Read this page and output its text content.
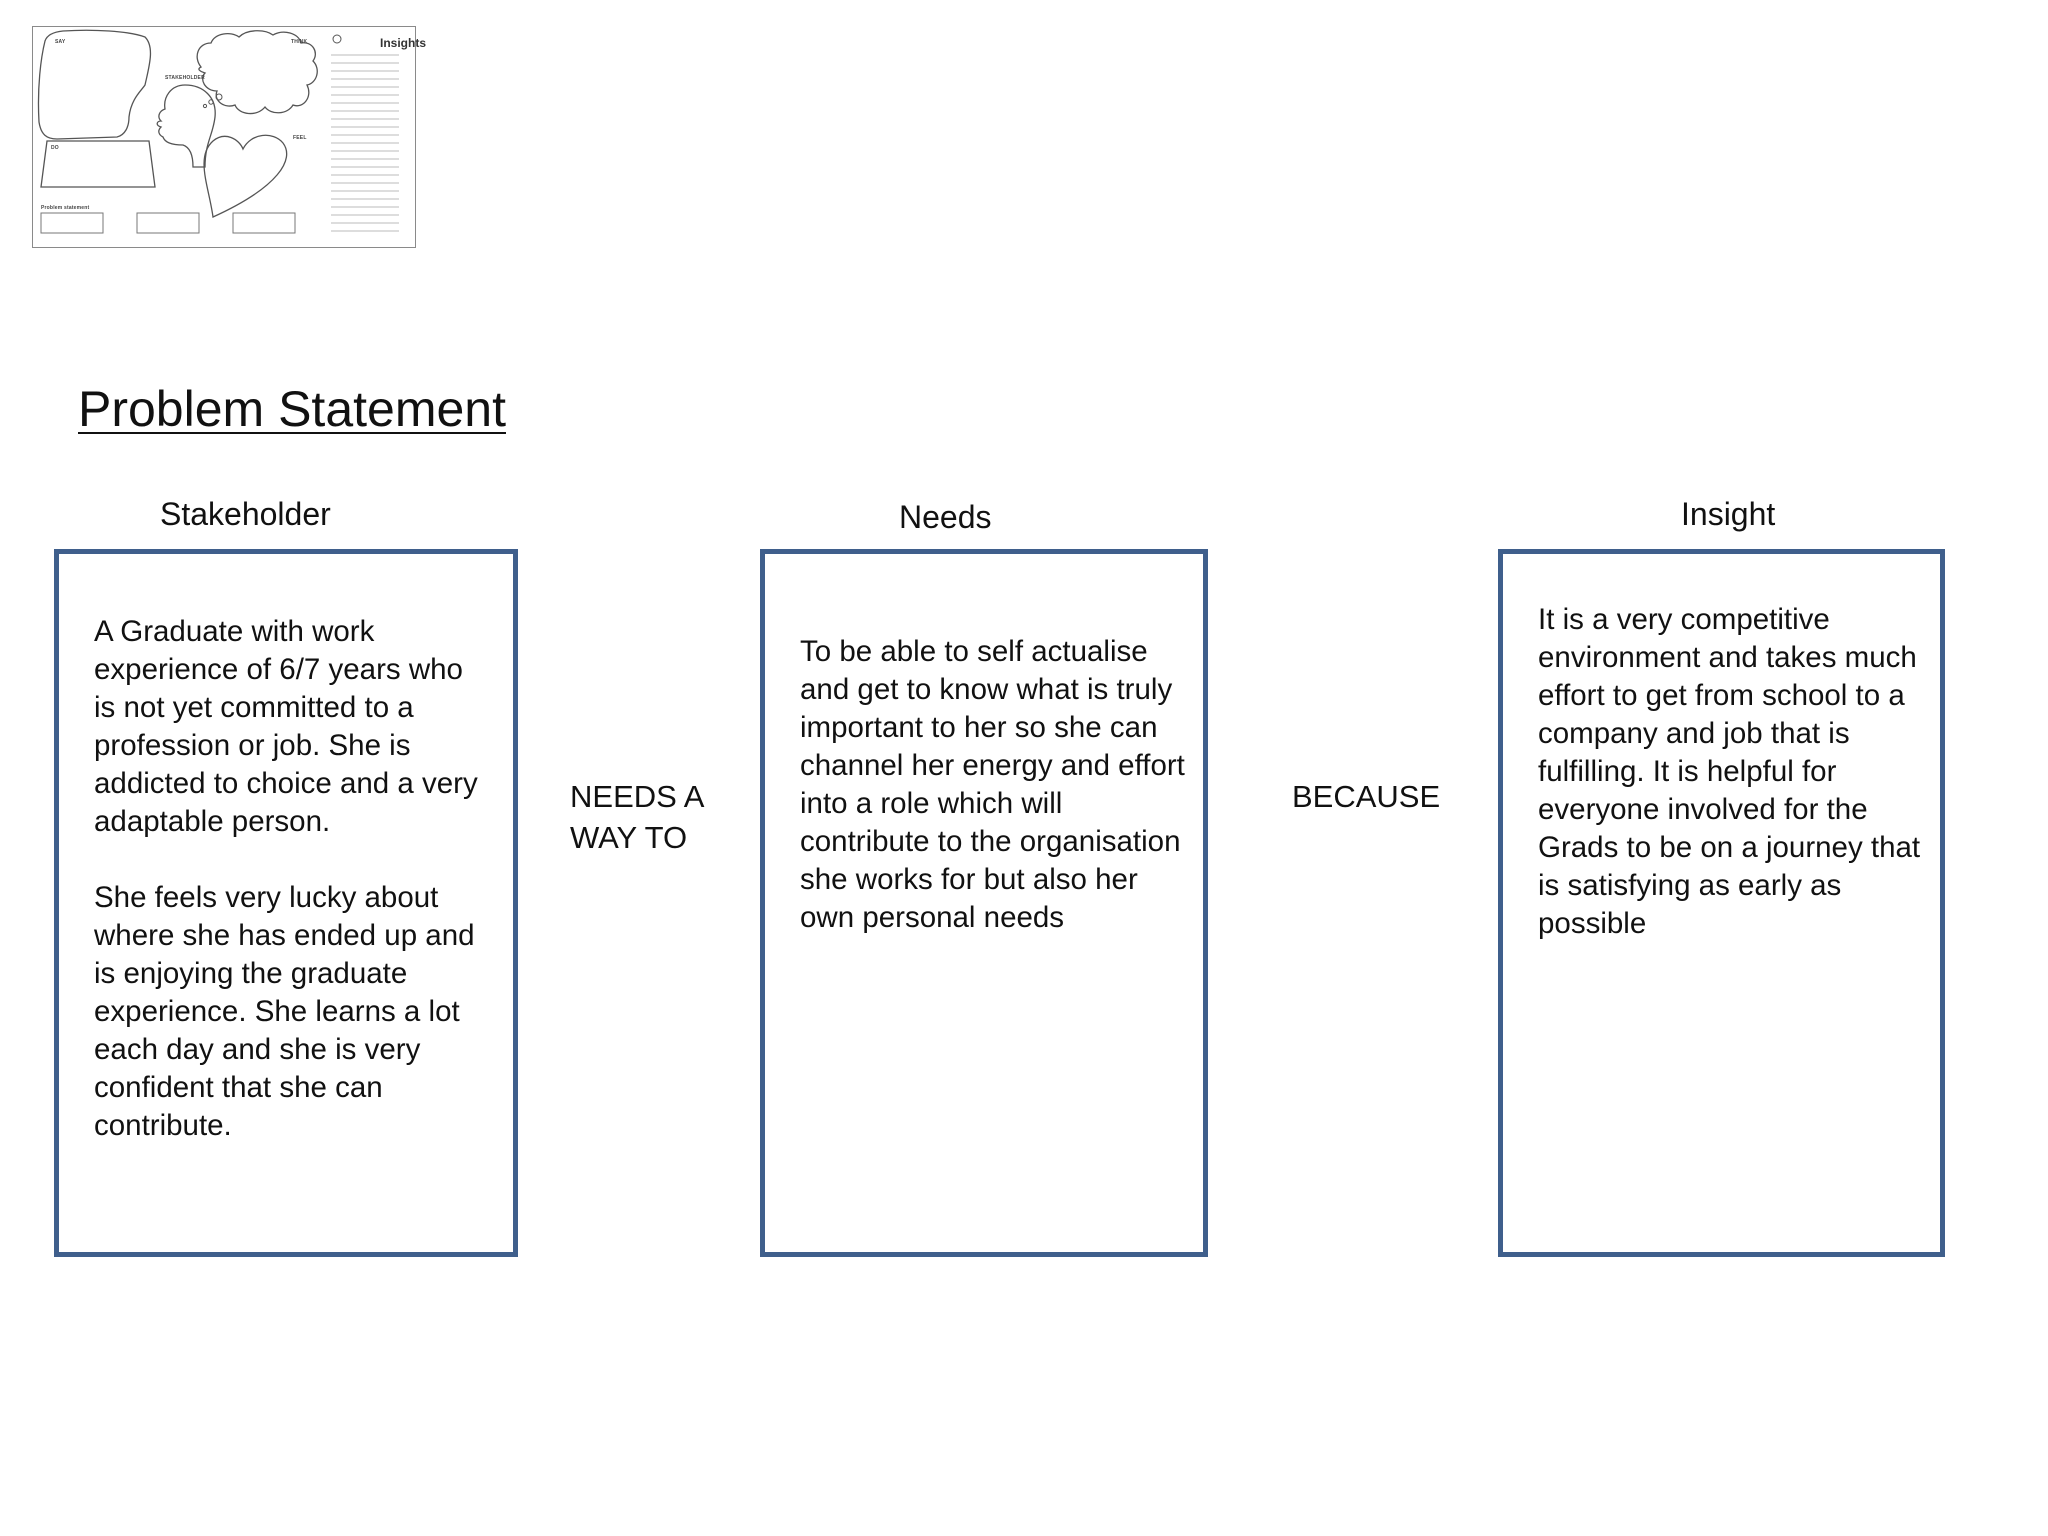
SAY	THINK
STAKEHOLDER
FEEL
DO
Insights
Problem statement
Problem Statement
Stakeholder	Needs	Insight

A Graduate with work experience of 6/7 years who is not yet committed to a profession or job. She is addicted to choice and a very adaptable person.

She feels very lucky about where she has ended up and is enjoying the graduate experience. She learns a lot each day and she is very confident that she can contribute.

To be able to self actualise and get to know what is truly important to her so she can channel her energy and effort into a role which will contribute to the organisation she works for but also her own personal needs

It is a very competitive environment and takes much effort to get from school to a company and job that is fulfilling. It is helpful for everyone involved for the Grads to be on a journey that is satisfying as early as possible

NEEDS A
WAY TO
BECAUSE
